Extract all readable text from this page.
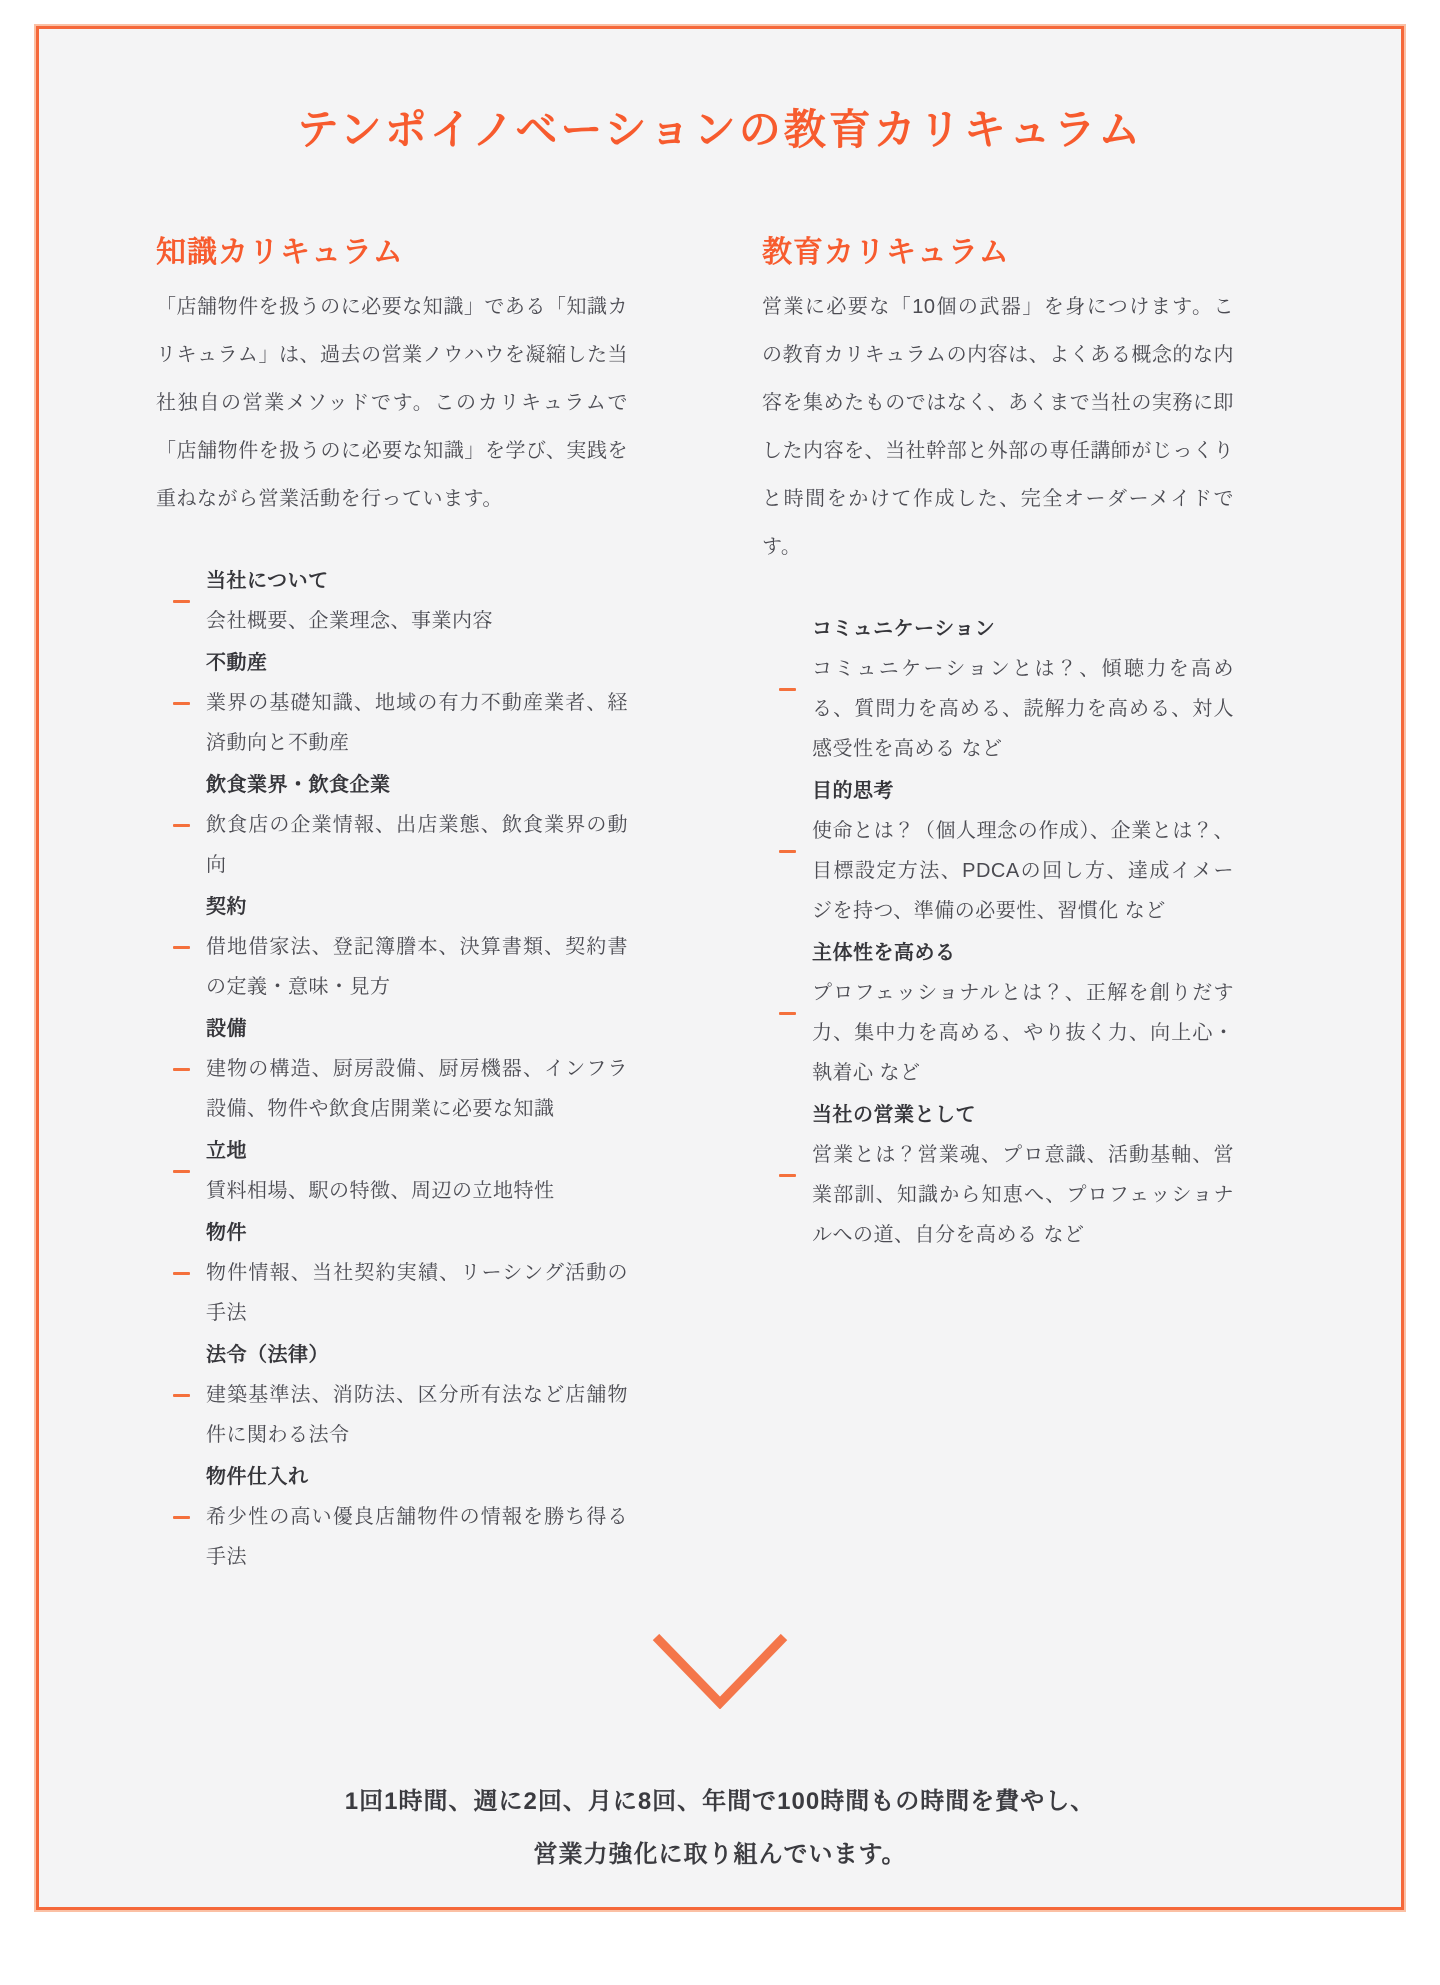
テンポイノベーションの教育カリキュラム
知識カリキュラム
「店舗物件を扱うのに必要な知識」である「知識カリキュラム」は、過去の営業ノウハウを凝縮した当社独自の営業メソッドです。このカリキュラムで「店舗物件を扱うのに必要な知識」を学び、実践を重ねながら営業活動を行っています。
当社について
会社概要、企業理念、事業内容
不動産
業界の基礎知識、地域の有力不動産業者、経済動向と不動産
飲食業界・飲食企業
飲食店の企業情報、出店業態、飲食業界の動向
契約
借地借家法、登記簿謄本、決算書類、契約書の定義・意味・見方
設備
建物の構造、厨房設備、厨房機器、インフラ設備、物件や飲食店開業に必要な知識
立地
賃料相場、駅の特徴、周辺の立地特性
物件
物件情報、当社契約実績、リーシング活動の手法
法令（法律）
建築基準法、消防法、区分所有法など店舗物件に関わる法令
物件仕入れ
希少性の高い優良店舗物件の情報を勝ち得る手法
教育カリキュラム
営業に必要な「10個の武器」を身につけます。この教育カリキュラムの内容は、よくある概念的な内容を集めたものではなく、あくまで当社の実務に即した内容を、当社幹部と外部の専任講師がじっくりと時間をかけて作成した、完全オーダーメイドです。
コミュニケーション
コミュニケーションとは？、傾聴力を高める、質問力を高める、読解力を高める、対人感受性を高める など
目的思考
使命とは？（個人理念の作成）、企業とは？、目標設定方法、PDCAの回し方、達成イメージを持つ、準備の必要性、習慣化 など
主体性を高める
プロフェッショナルとは？、正解を創りだす力、集中力を高める、やり抜く力、向上心・執着心 など
当社の営業として
営業とは？営業魂、プロ意識、活動基軸、営業部訓、知識から知恵へ、プロフェッショナルへの道、自分を高める など
1回1時間、週に2回、月に8回、年間で100時間もの時間を費やし、
営業力強化に取り組んでいます。
